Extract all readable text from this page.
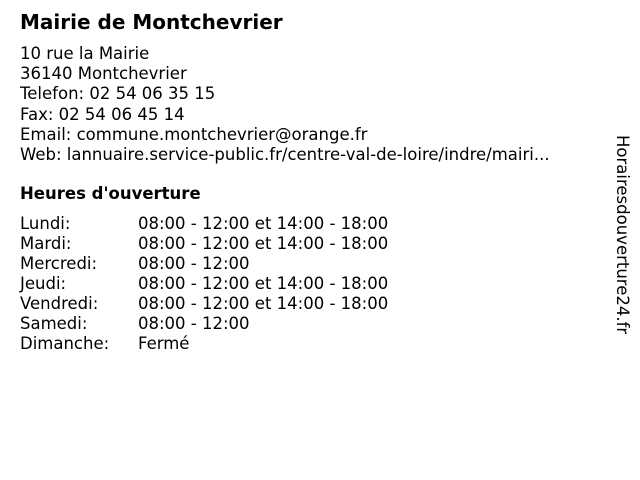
Mairie de Montchevrier
10 rue la Mairie
36140 Montchevrier
Telefon: 02 54 06 35 15
Fax: 02 54 06 45 14
Email: commune.montchevrier@orange.fr
Web: lannuaire.service-public.fr/centre-val-de-loire/indre/mairi...
Heures d'ouverture
Lundi:	08:00 - 12:00 et 14:00 - 18:00
Mardi:	08:00 - 12:00 et 14:00 - 18:00
Mercredi:	08:00 - 12:00
Jeudi:	08:00 - 12:00 et 14:00 - 18:00
Vendredi:	08:00 - 12:00 et 14:00 - 18:00
Samedi:	08:00 - 12:00
Dimanche:	Fermé
Horairesdouverture24.fr
